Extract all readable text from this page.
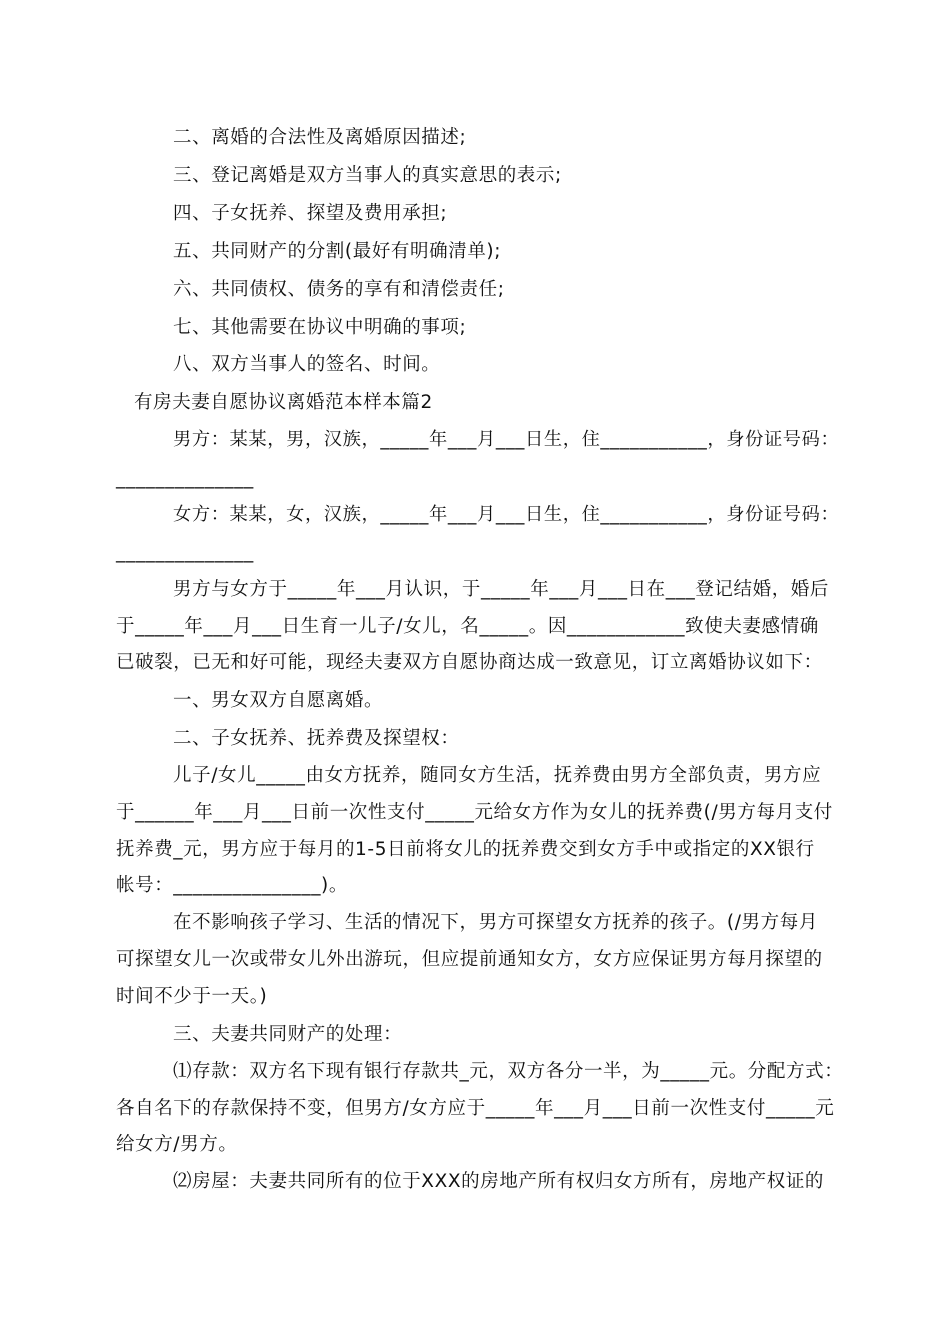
二、离婚的合法性及离婚原因描述;
三、登记离婚是双方当事人的真实意思的表示;
四、子女抚养、探望及费用承担;
五、共同财产的分割(最好有明确清单);
六、共同债权、债务的享有和清偿责任;
七、其他需要在协议中明确的事项;
八、双方当事人的签名、时间。
有房夫妻自愿协议离婚范本样本篇2
男方：某某，男，汉族，_____年___月___日生，住___________，身份证号码：
______________
女方：某某，女，汉族，_____年___月___日生，住___________，身份证号码：
______________
男方与女方于_____年___月认识，于_____年___月___日在___登记结婚，婚后
于_____年___月___日生育一儿子/女儿，名_____。因____________致使夫妻感情确
已破裂，已无和好可能，现经夫妻双方自愿协商达成一致意见，订立离婚协议如下：
一、男女双方自愿离婚。
二、子女抚养、抚养费及探望权：
儿子/女儿_____由女方抚养，随同女方生活，抚养费由男方全部负责，男方应
于______年___月___日前一次性支付_____元给女方作为女儿的抚养费(/男方每月支付
抚养费_元，男方应于每月的1-5日前将女儿的抚养费交到女方手中或指定的XX银行
帐号：_______________)。
在不影响孩子学习、生活的情况下，男方可探望女方抚养的孩子。(/男方每月
可探望女儿一次或带女儿外出游玩，但应提前通知女方，女方应保证男方每月探望的
时间不少于一天。)
三、夫妻共同财产的处理：
⑴存款：双方名下现有银行存款共_元，双方各分一半，为_____元。分配方式：
各自名下的存款保持不变，但男方/女方应于_____年___月___日前一次性支付_____元
给女方/男方。
⑵房屋：夫妻共同所有的位于XXX的房地产所有权归女方所有，房地产权证的
